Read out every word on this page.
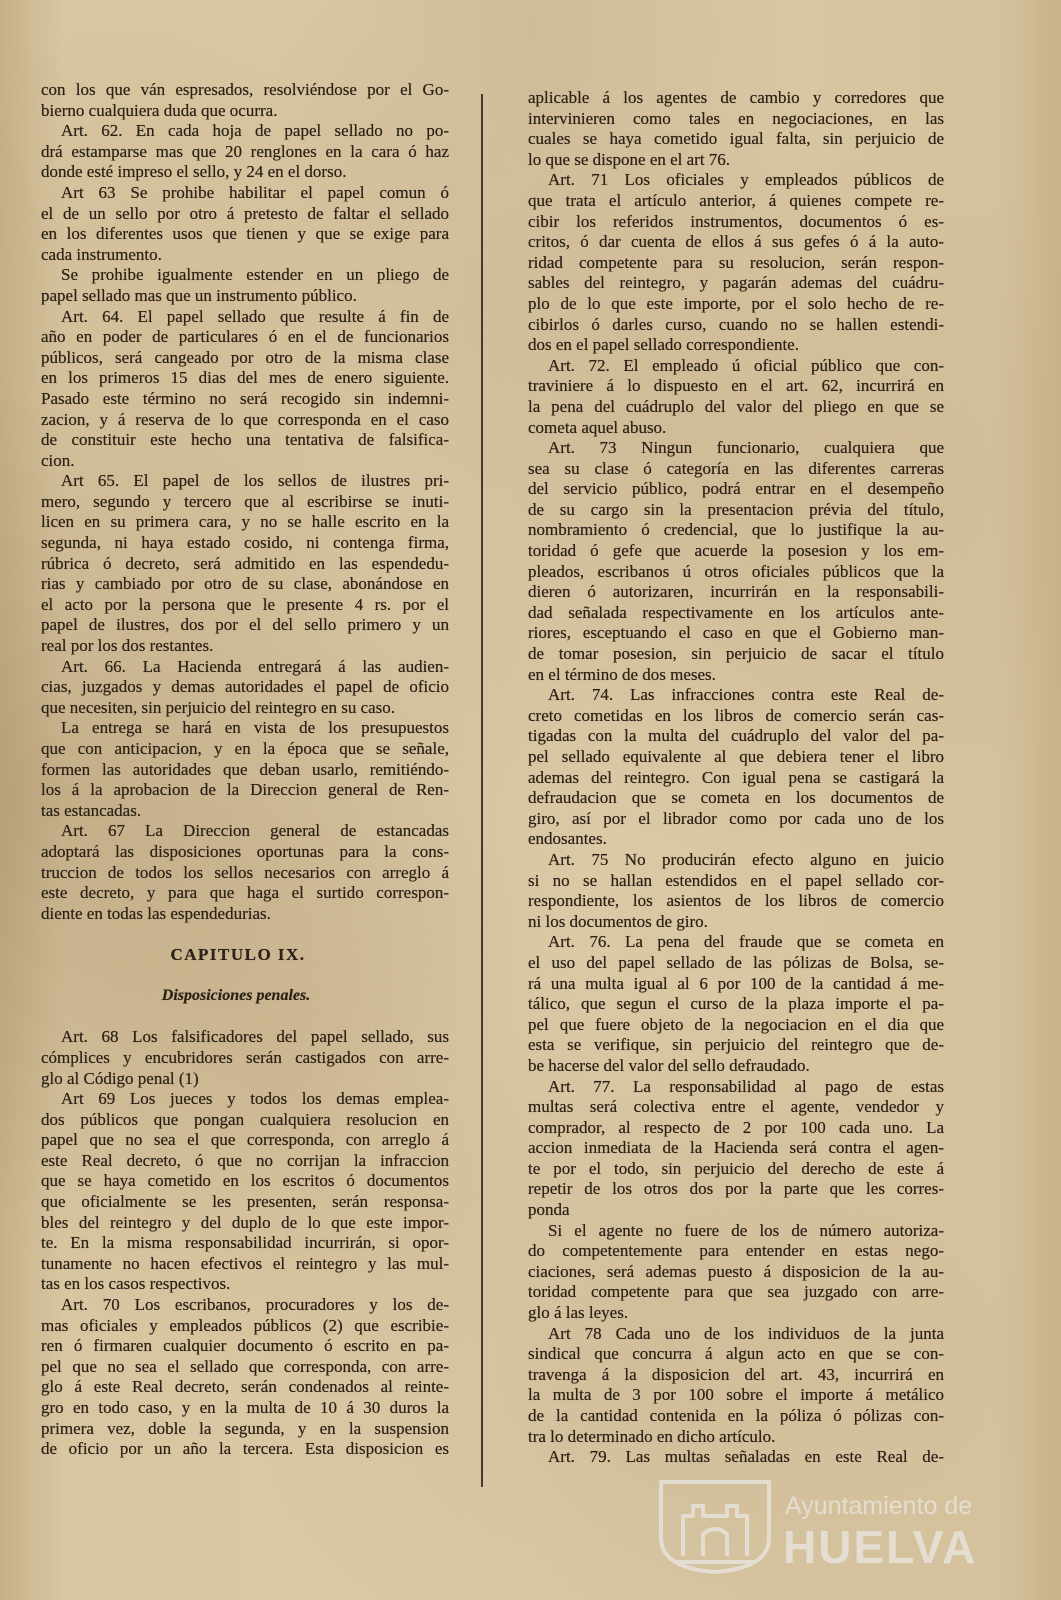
con los que ván espresados, resolviéndose por el Go-
bierno cualquiera duda que ocurra.
Art. 62. En cada hoja de papel sellado no po-
drá estamparse mas que 20 renglones en la cara ó haz
donde esté impreso el sello, y 24 en el dorso.
Art 63 Se prohibe habilitar el papel comun ó
el de un sello por otro á pretesto de faltar el sellado
en los diferentes usos que tienen y que se exige para
cada instrumento.
Se prohibe igualmente estender en un pliego de
papel sellado mas que un instrumento público.
Art. 64. El papel sellado que resulte á fin de
año en poder de particulares ó en el de funcionarios
públicos, será cangeado por otro de la misma clase
en los primeros 15 dias del mes de enero siguiente.
Pasado este término no será recogido sin indemni-
zacion, y á reserva de lo que corresponda en el caso
de constituir este hecho una tentativa de falsifica-
cion.
Art 65. El papel de los sellos de ilustres pri-
mero, segundo y tercero que al escribirse se inuti-
licen en su primera cara, y no se halle escrito en la
segunda, ni haya estado cosido, ni contenga firma,
rúbrica ó decreto, será admitido en las espendedu-
rias y cambiado por otro de su clase, abonándose en
el acto por la persona que le presente 4 rs. por el
papel de ilustres, dos por el del sello primero y un
real por los dos restantes.
Art. 66. La Hacienda entregará á las audien-
cias, juzgados y demas autoridades el papel de oficio
que necesiten, sin perjuicio del reintegro en su caso.
La entrega se hará en vista de los presupuestos
que con anticipacion, y en la época que se señale,
formen las autoridades que deban usarlo, remitiéndo-
los á la aprobacion de la Direccion general de Ren-
tas estancadas.
Art. 67 La Direccion general de estancadas
adoptará las disposiciones oportunas para la cons-
truccion de todos los sellos necesarios con arreglo á
este decreto, y para que haga el surtido correspon-
diente en todas las espendedurias.
CAPITULO IX.
Disposiciones penales.
Art. 68 Los falsificadores del papel sellado, sus
cómplices y encubridores serán castigados con arre-
glo al Código penal (1)
Art 69 Los jueces y todos los demas emplea-
dos públicos que pongan cualquiera resolucion en
papel que no sea el que corresponda, con arreglo á
este Real decreto, ó que no corrijan la infraccion
que se haya cometido en los escritos ó documentos
que oficialmente se les presenten, serán responsa-
bles del reintegro y del duplo de lo que este impor-
te. En la misma responsabilidad incurrirán, si opor-
tunamente no hacen efectivos el reintegro y las mul-
tas en los casos respectivos.
Art. 70 Los escribanos, procuradores y los de-
mas oficiales y empleados públicos (2) que escribie-
ren ó firmaren cualquier documento ó escrito en pa-
pel que no sea el sellado que corresponda, con arre-
glo á este Real decreto, serán condenados al reinte-
gro en todo caso, y en la multa de 10 á 30 duros la
primera vez, doble la segunda, y en la suspension
de oficio por un año la tercera. Esta disposicion es
aplicable á los agentes de cambio y corredores que
intervinieren como tales en negociaciones, en las
cuales se haya cometido igual falta, sin perjuicio de
lo que se dispone en el art 76.
Art. 71 Los oficiales y empleados públicos de
que trata el artículo anterior, á quienes compete re-
cibir los referidos instrumentos, documentos ó es-
critos, ó dar cuenta de ellos á sus gefes ó á la auto-
ridad competente para su resolucion, serán respon-
sables del reintegro, y pagarán ademas del cuádru-
plo de lo que este importe, por el solo hecho de re-
cibirlos ó darles curso, cuando no se hallen estendi-
dos en el papel sellado correspondiente.
Art. 72. El empleado ú oficial público que con-
traviniere á lo dispuesto en el art. 62, incurrirá en
la pena del cuádruplo del valor del pliego en que se
cometa aquel abuso.
Art. 73 Ningun funcionario, cualquiera que
sea su clase ó categoría en las diferentes carreras
del servicio público, podrá entrar en el desempeño
de su cargo sin la presentacion prévia del título,
nombramiento ó credencial, que lo justifique la au-
toridad ó gefe que acuerde la posesion y los em-
pleados, escribanos ú otros oficiales públicos que la
dieren ó autorizaren, incurrirán en la responsabili-
dad señalada respectivamente en los artículos ante-
riores, esceptuando el caso en que el Gobierno man-
de tomar posesion, sin perjuicio de sacar el título
en el término de dos meses.
Art. 74. Las infracciones contra este Real de-
creto cometidas en los libros de comercio serán cas-
tigadas con la multa del cuádruplo del valor del pa-
pel sellado equivalente al que debiera tener el libro
ademas del reintegro. Con igual pena se castigará la
defraudacion que se cometa en los documentos de
giro, así por el librador como por cada uno de los
endosantes.
Art. 75 No producirán efecto alguno en juicio
si no se hallan estendidos en el papel sellado cor-
respondiente, los asientos de los libros de comercio
ni los documentos de giro.
Art. 76. La pena del fraude que se cometa en
el uso del papel sellado de las pólizas de Bolsa, se-
rá una multa igual al 6 por 100 de la cantidad á me-
tálico, que segun el curso de la plaza importe el pa-
pel que fuere objeto de la negociacion en el dia que
esta se verifique, sin perjuicio del reintegro que de-
be hacerse del valor del sello defraudado.
Art. 77. La responsabilidad al pago de estas
multas será colectiva entre el agente, vendedor y
comprador, al respecto de 2 por 100 cada uno. La
accion inmediata de la Hacienda será contra el agen-
te por el todo, sin perjuicio del derecho de este á
repetir de los otros dos por la parte que les corres-
ponda
Si el agente no fuere de los de número autoriza-
do competentemente para entender en estas nego-
ciaciones, será ademas puesto á disposicion de la au-
toridad competente para que sea juzgado con arre-
glo á las leyes.
Art 78 Cada uno de los individuos de la junta
sindical que concurra á algun acto en que se con-
travenga á la disposicion del art. 43, incurrirá en
la multa de 3 por 100 sobre el importe á metálico
de la cantidad contenida en la póliza ó pólizas con-
tra lo determinado en dicho artículo.
Art. 79. Las multas señaladas en este Real de-
Ayuntamiento de
HUELVA
